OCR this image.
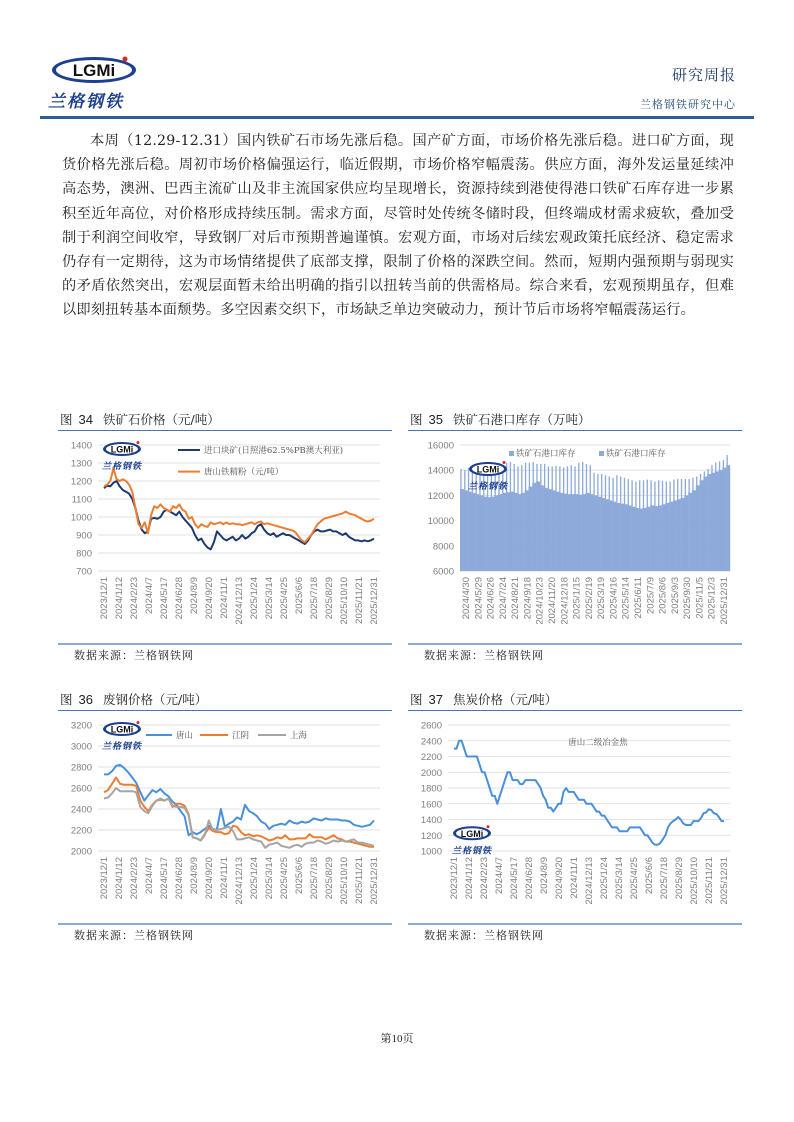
LGMi
兰格钢铁
研究周报
兰格钢铁研究中心
本周（12.29-12.31）国内铁矿石市场先涨后稳。国产矿方面，市场价格先涨后稳。进口矿方面，现货价格先涨后稳。周初市场价格偏强运行，临近假期，市场价格窄幅震荡。供应方面，海外发运量延续冲高态势，澳洲、巴西主流矿山及非主流国家供应均呈现增长，资源持续到港使得港口铁矿石库存进一步累积至近年高位，对价格形成持续压制。需求方面，尽管时处传统冬储时段，但终端成材需求疲软，叠加受制于利润空间收窄，导致钢厂对后市预期普遍谨慎。宏观方面，市场对后续宏观政策托底经济、稳定需求仍存有一定期待，这为市场情绪提供了底部支撑，限制了价格的深跌空间。然而，短期内强预期与弱现实的矛盾依然突出，宏观层面暂未给出明确的指引以扭转当前的供需格局。综合来看，宏观预期虽存，但难以即刻扭转基本面颓势。多空因素交织下，市场缺乏单边突破动力，预计节后市场将窄幅震荡运行。
图 34 铁矿石价格（元/吨）
700
800
900
1000
1100
1200
1300
1400
2023/12/1 2024/1/12 2024/2/23 2024/4/7 2024/5/17 2024/6/28 2024/8/9 2024/9/20 2024/11/1 2024/12/13 2025/1/24 2025/3/14 2025/4/25 2025/6/6 2025/7/18 2025/8/29 2025/10/10 2025/11/21 2025/12/31
进口块矿(日照港62.5%PB澳大利亚)
唐山铁精粉（元/吨）
LGMi
兰格钢铁
数据来源：兰格钢铁网
图 35 铁矿石港口库存（万吨）
6000
8000
10000
12000
14000
16000
2024/4/30 2024/5/29 2024/6/26 2024/7/24 2024/8/21 2024/9/18 2024/10/23 2024/11/20 2024/12/18 2025/1/15 2025/2/19 2025/3/19 2025/4/16 2025/5/14 2025/6/11 2025/7/9 2025/8/6 2025/9/3 2025/9/30 2025/11/5 2025/12/3 2025/12/31
铁矿石港口库存	铁矿石港口库存
LGMi
兰格钢铁
数据来源：兰格钢铁网
图 36 废钢价格（元/吨）
2000
2200
2400
2600
2800
3000
3200
2023/12/1 2024/1/12 2024/2/23 2024/4/7 2024/5/17 2024/6/28 2024/8/9 2024/9/20 2024/11/1 2024/12/13 2025/1/24 2025/3/14 2025/4/25 2025/6/6 2025/7/18 2025/8/29 2025/10/10 2025/11/21 2025/12/31
唐山	江阴	上海
LGMi
兰格钢铁
数据来源：兰格钢铁网
图 37 焦炭价格（元/吨）
1000
1200
1400
1600
1800
2000
2200
2400
2600
2023/12/1 2024/1/12 2024/2/23 2024/4/7 2024/5/17 2024/6/28 2024/8/9 2024/9/20 2024/11/1 2024/12/13 2025/1/24 2025/3/14 2025/4/25 2025/6/6 2025/7/18 2025/8/29 2025/10/10 2025/11/21 2025/12/31
唐山二级冶金焦
LGMi
兰格钢铁
数据来源：兰格钢铁网
第10页
